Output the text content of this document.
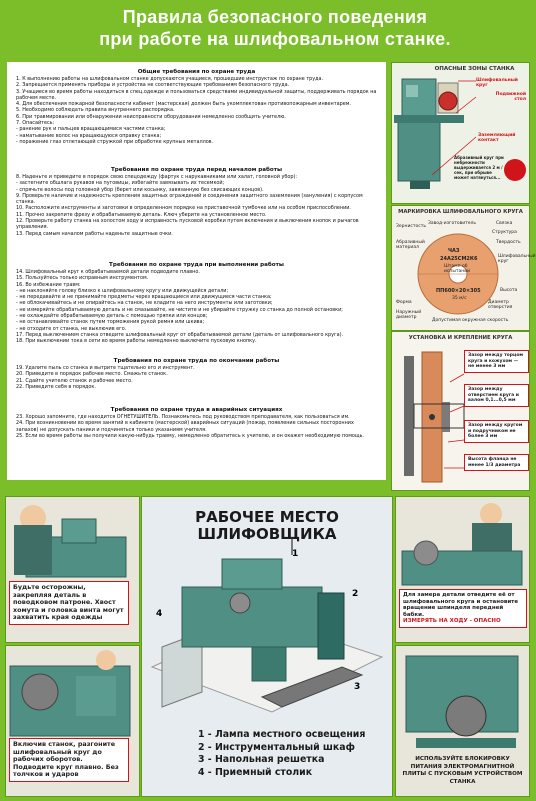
Правила безопасного поведения
при работе на шлифовальном станке.
Общие требования по охране труда

1. К выполнению работы на шлифовальном станке допускаются учащиеся, прошедшие инструктаж по охране труда.

2. Запрещается применять приборы и устройства не соответствующие требованиям безопасного труда.

3. Учащиеся во время работы находиться в спец.одежде и пользоваться средствами индивидуальной защиты, поддерживать порядок на рабочем месте.

4. Для обеспечения пожарной безопасности кабинет (мастерская) должен быть укомплектован противопожарным инвентарем.

5. Необходимо соблюдать правила внутреннего распорядка.

6. При травмировании или обнаружении неисправности оборудования немедленно сообщить учителю.

7. Опасайтесь:

- ранение рук и пальцев вращающимися частями станка;

- наматывание волос на вращающуюся оправку станка;

- поражение глаз отлетающей стружкой при обработке крупных металлов.

Требования по охране труда перед началом работы

8. Наденьте и приведите в порядок свою спецодежду (фартук с нарукавниками или халат, головной убор):

- застегните обшлага рукавов на пуговицы, избегайте завязывать их тесемкой;

- спрячьте волосы под головной убор (берет или косынку, завязанную без свисающих концов).

9. Проверьте наличие и надежность крепления защитных ограждений и соединения защитного заземления (зануления) с корпусом станка.

10. Расположите инструменты и заготовки в определенном порядке на приставочной тумбочке или на особом приспособлении.

11. Прочно закрепите фрезу и обрабатываемую деталь. Ключ уберите на установленное место.

12. Проверьте работу станка на холостом ходу и исправность пусковой коробки путем включения и выключения кнопок и рычагов управления.

13. Перед самым началом работы наденьте защитные очки.

Требования по охране труда при выполнении работы

14. Шлифовальный круг к обрабатываемой детали подводите плавно.

15. Пользуйтесь только исправным инструментом.

16. Во избежание травм:

- не наклоняйте голову близко к шлифовальному кругу или движущейся детали;

- не передавайте и не принимайте предметы через вращающиеся или движущиеся части станка;

- не облокачивайтесь и не опирайтесь на станок, не кладите на него инструменты или заготовки;

- не измеряйте обрабатываемую деталь и не смазывайте, не чистите и не убирайте стружку со станка до полной остановки;

- не охлаждайте обрабатываемую деталь с помощью тряпки или концов;

- не останавливайте станок путем торможения рукой ремня или шкива;

- не отходите от станка, не выключив его.

17. Перед выключением станка отведите шлифовальный круг от обрабатываемой детали (деталь от шлифовального круга).

18. При выключении тока в сети во время работы немедленно выключите пусковую кнопку.

Требования по охране труда по окончании работы

19. Удалите пыль со станка и вытрите тщательно его и инструмент.

20. Приведите в порядок рабочее место. Смажьте станок.

21. Сдайте учителю станок и рабочее место.

22. Приведите себя в порядок.

Требования по охране труда в аварийных ситуациях

23. Хорошо запомните, где находится ОГНЕТУШИТЕЛЬ. Познакомьтесь под руководством преподавателя, как пользоваться им.

24. При возникновении во время занятий в кабинете (мастерской) аварийных ситуаций (пожар, появление сильных посторонних запахов) не допускать паники и подчиняться только указаниям учителя.

25. Если во время работы вы получили какую-нибудь травму, немедленно обратитесь к учителю, и он окажет необходимую помощь.

ОПАСНЫЕ ЗОНЫ СТАНКА
Шлифовальный круг
Подвижной стол
Заземляющий контакт
Абразивный круг при небрежности выдерживается 2 м / сек, при обрыве может натянуться...
МАРКИРОВКА ШЛИФОВАЛЬНОГО КРУГА
Зернистость
Абразивный материал
Форма
Наружный диаметр
Завод-изготовитель
Структура
Связка
Твердость
Шлифовальный круг
Высота
Диаметр отверстия
Допустимая окружная скорость
ЧАЗ
24А25СМ2К6
Штамп об испытании
ПП600×20×305
35 м/с
УСТАНОВКА И КРЕПЛЕНИЕ КРУГА
Зазор между торцом круга и кожухом — не менее 3 мм
Зазор между отверстием круга и валом 0,1...0,5 мм
Зазор между кругом и подручником не более 3 мм
Высота фланца не менее 1/3 диаметра
Будьте осторожны, закрепляя деталь в поводковом патроне. Хвост хомута и головка винта могут захватить края одежды
Включив станок, разгоните шлифовальный круг до рабочих оборотов. Подводите круг плавно. Без толчков и ударов
РАБОЧЕЕ МЕСТО
ШЛИФОВЩИКА
1
2
3
4
1 - Лампа местного освещения
2 - Инструментальный шкаф
3 - Напольная решетка
4 - Приемный столик
Для замера детали отведите её от шлифовального круга и остановите вращение шпинделя передней бабки.
ИЗМЕРЯТЬ НА ХОДУ - ОПАСНО
ИСПОЛЬЗУЙТЕ БЛОКИРОВКУ ПИТАНИЯ ЭЛЕКТРОМАГНИТНОЙ ПЛИТЫ С ПУСКОВЫМ УСТРОЙСТВОМ СТАНКА
